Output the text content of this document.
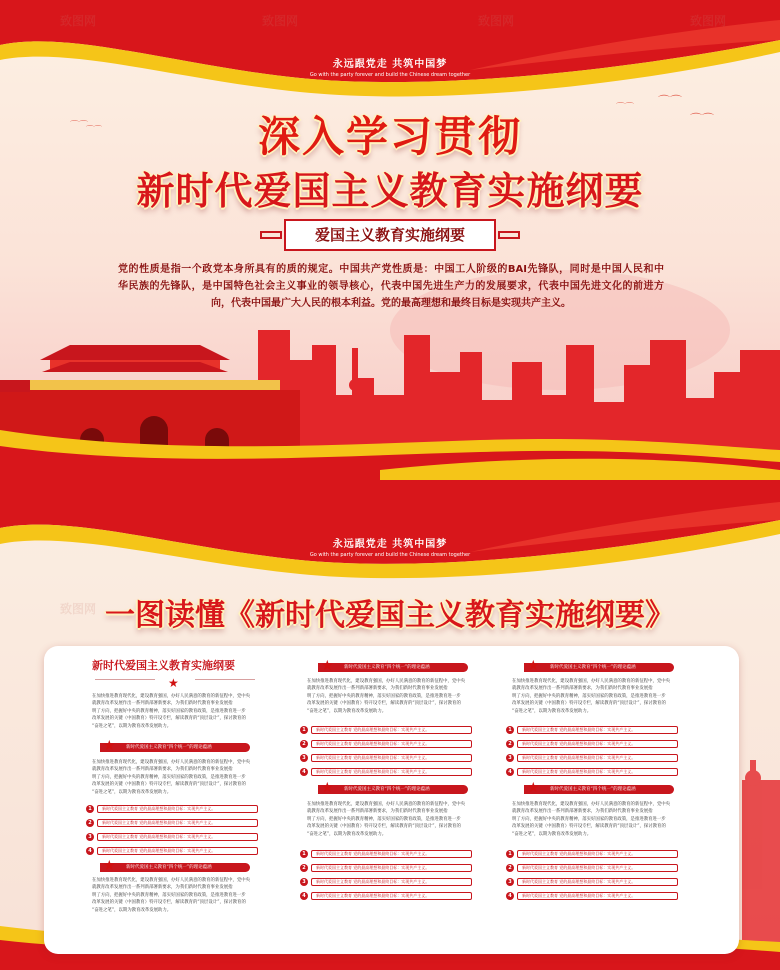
⌒⌒
⌒⌒
⌒⌒
⌒⌒
⌒⌒
致图网	致图网	致图网	致图网
永远跟党走 共筑中国梦
Go with the party forever and build the Chinese dream together
深入学习贯彻
新时代爱国主义教育实施纲要
爱国主义教育实施纲要
党的性质是指一个政党本身所具有的质的规定。中国共产党性质是：中国工人阶级的BAI先锋队，同时是中国人民和中
华民族的先锋队，是中国特色社会主义事业的领导核心，代表中国先进生产力的发展要求，代表中国先进文化的前进方
向，代表中国最广大人民的根本利益。党的最高理想和最终目标是实现共产主义。
致图网
永远跟党走 共筑中国梦
Go with the party forever and build the Chinese dream together
一图读懂《新时代爱国主义教育实施纲要》
新时代爱国主义教育实施纲要
★
在加快推进教育现代化，建设教育强国，办好人民满意的教育的新征程中，党中央
就教育改革发展作出一系列新部署新要求，为我们新时代教育事业发展指
明了方向，把握好中央的教育精神，落实好国家的教育政策，是推进教育进一步
改革发展的关键（中国教育）特开设专栏，解读教育的“顶层设计”，探讨教育的
“奋进之笔”，以期为教育改革发展助力。
★ 新时代爱国主义教育“四个统一”的理论蕴涵
在加快推进教育现代化，建设教育强国，办好人民满意的教育的新征程中，党中央
就教育改革发展作出一系列新部署新要求，为我们新时代教育事业发展指
明了方向，把握好中央的教育精神，落实好国家的教育政策，是推进教育进一步
改革发展的关键（中国教育）特开设专栏，解读教育的“顶层设计”，探讨教育的
“奋进之笔”，以期为教育改革发展助力。
1	新时代爱国主义教育 党的最高理想和最终目标：实现共产主义。
2	新时代爱国主义教育 党的最高理想和最终目标：实现共产主义。
3	新时代爱国主义教育 党的最高理想和最终目标：实现共产主义。
4	新时代爱国主义教育 党的最高理想和最终目标：实现共产主义。
★ 新时代爱国主义教育“四个统一”的理论蕴涵
在加快推进教育现代化，建设教育强国，办好人民满意的教育的新征程中，党中央
就教育改革发展作出一系列新部署新要求，为我们新时代教育事业发展指
明了方向，把握好中央的教育精神，落实好国家的教育政策，是推进教育进一步
改革发展的关键（中国教育）特开设专栏，解读教育的“顶层设计”，探讨教育的
“奋进之笔”，以期为教育改革发展助力。
★ 新时代爱国主义教育“四个统一”的理论蕴涵
在加快推进教育现代化，建设教育强国，办好人民满意的教育的新征程中，党中央
就教育改革发展作出一系列新部署新要求，为我们新时代教育事业发展指
明了方向，把握好中央的教育精神，落实好国家的教育政策，是推进教育进一步
改革发展的关键（中国教育）特开设专栏，解读教育的“顶层设计”，探讨教育的
“奋进之笔”，以期为教育改革发展助力。
1	新时代爱国主义教育 党的最高理想和最终目标：实现共产主义。
2	新时代爱国主义教育 党的最高理想和最终目标：实现共产主义。
3	新时代爱国主义教育 党的最高理想和最终目标：实现共产主义。
4	新时代爱国主义教育 党的最高理想和最终目标：实现共产主义。
★ 新时代爱国主义教育“四个统一”的理论蕴涵
在加快推进教育现代化，建设教育强国，办好人民满意的教育的新征程中，党中央
就教育改革发展作出一系列新部署新要求，为我们新时代教育事业发展指
明了方向，把握好中央的教育精神，落实好国家的教育政策，是推进教育进一步
改革发展的关键（中国教育）特开设专栏，解读教育的“顶层设计”，探讨教育的
“奋进之笔”，以期为教育改革发展助力。
1	新时代爱国主义教育 党的最高理想和最终目标：实现共产主义。
2	新时代爱国主义教育 党的最高理想和最终目标：实现共产主义。
3	新时代爱国主义教育 党的最高理想和最终目标：实现共产主义。
4	新时代爱国主义教育 党的最高理想和最终目标：实现共产主义。
★ 新时代爱国主义教育“四个统一”的理论蕴涵
在加快推进教育现代化，建设教育强国，办好人民满意的教育的新征程中，党中央
就教育改革发展作出一系列新部署新要求，为我们新时代教育事业发展指
明了方向，把握好中央的教育精神，落实好国家的教育政策，是推进教育进一步
改革发展的关键（中国教育）特开设专栏，解读教育的“顶层设计”，探讨教育的
“奋进之笔”，以期为教育改革发展助力。
1	新时代爱国主义教育 党的最高理想和最终目标：实现共产主义。
2	新时代爱国主义教育 党的最高理想和最终目标：实现共产主义。
3	新时代爱国主义教育 党的最高理想和最终目标：实现共产主义。
4	新时代爱国主义教育 党的最高理想和最终目标：实现共产主义。
★ 新时代爱国主义教育“四个统一”的理论蕴涵
在加快推进教育现代化，建设教育强国，办好人民满意的教育的新征程中，党中央
就教育改革发展作出一系列新部署新要求，为我们新时代教育事业发展指
明了方向，把握好中央的教育精神，落实好国家的教育政策，是推进教育进一步
改革发展的关键（中国教育）特开设专栏，解读教育的“顶层设计”，探讨教育的
“奋进之笔”，以期为教育改革发展助力。
1	新时代爱国主义教育 党的最高理想和最终目标：实现共产主义。
2	新时代爱国主义教育 党的最高理想和最终目标：实现共产主义。
3	新时代爱国主义教育 党的最高理想和最终目标：实现共产主义。
4	新时代爱国主义教育 党的最高理想和最终目标：实现共产主义。
